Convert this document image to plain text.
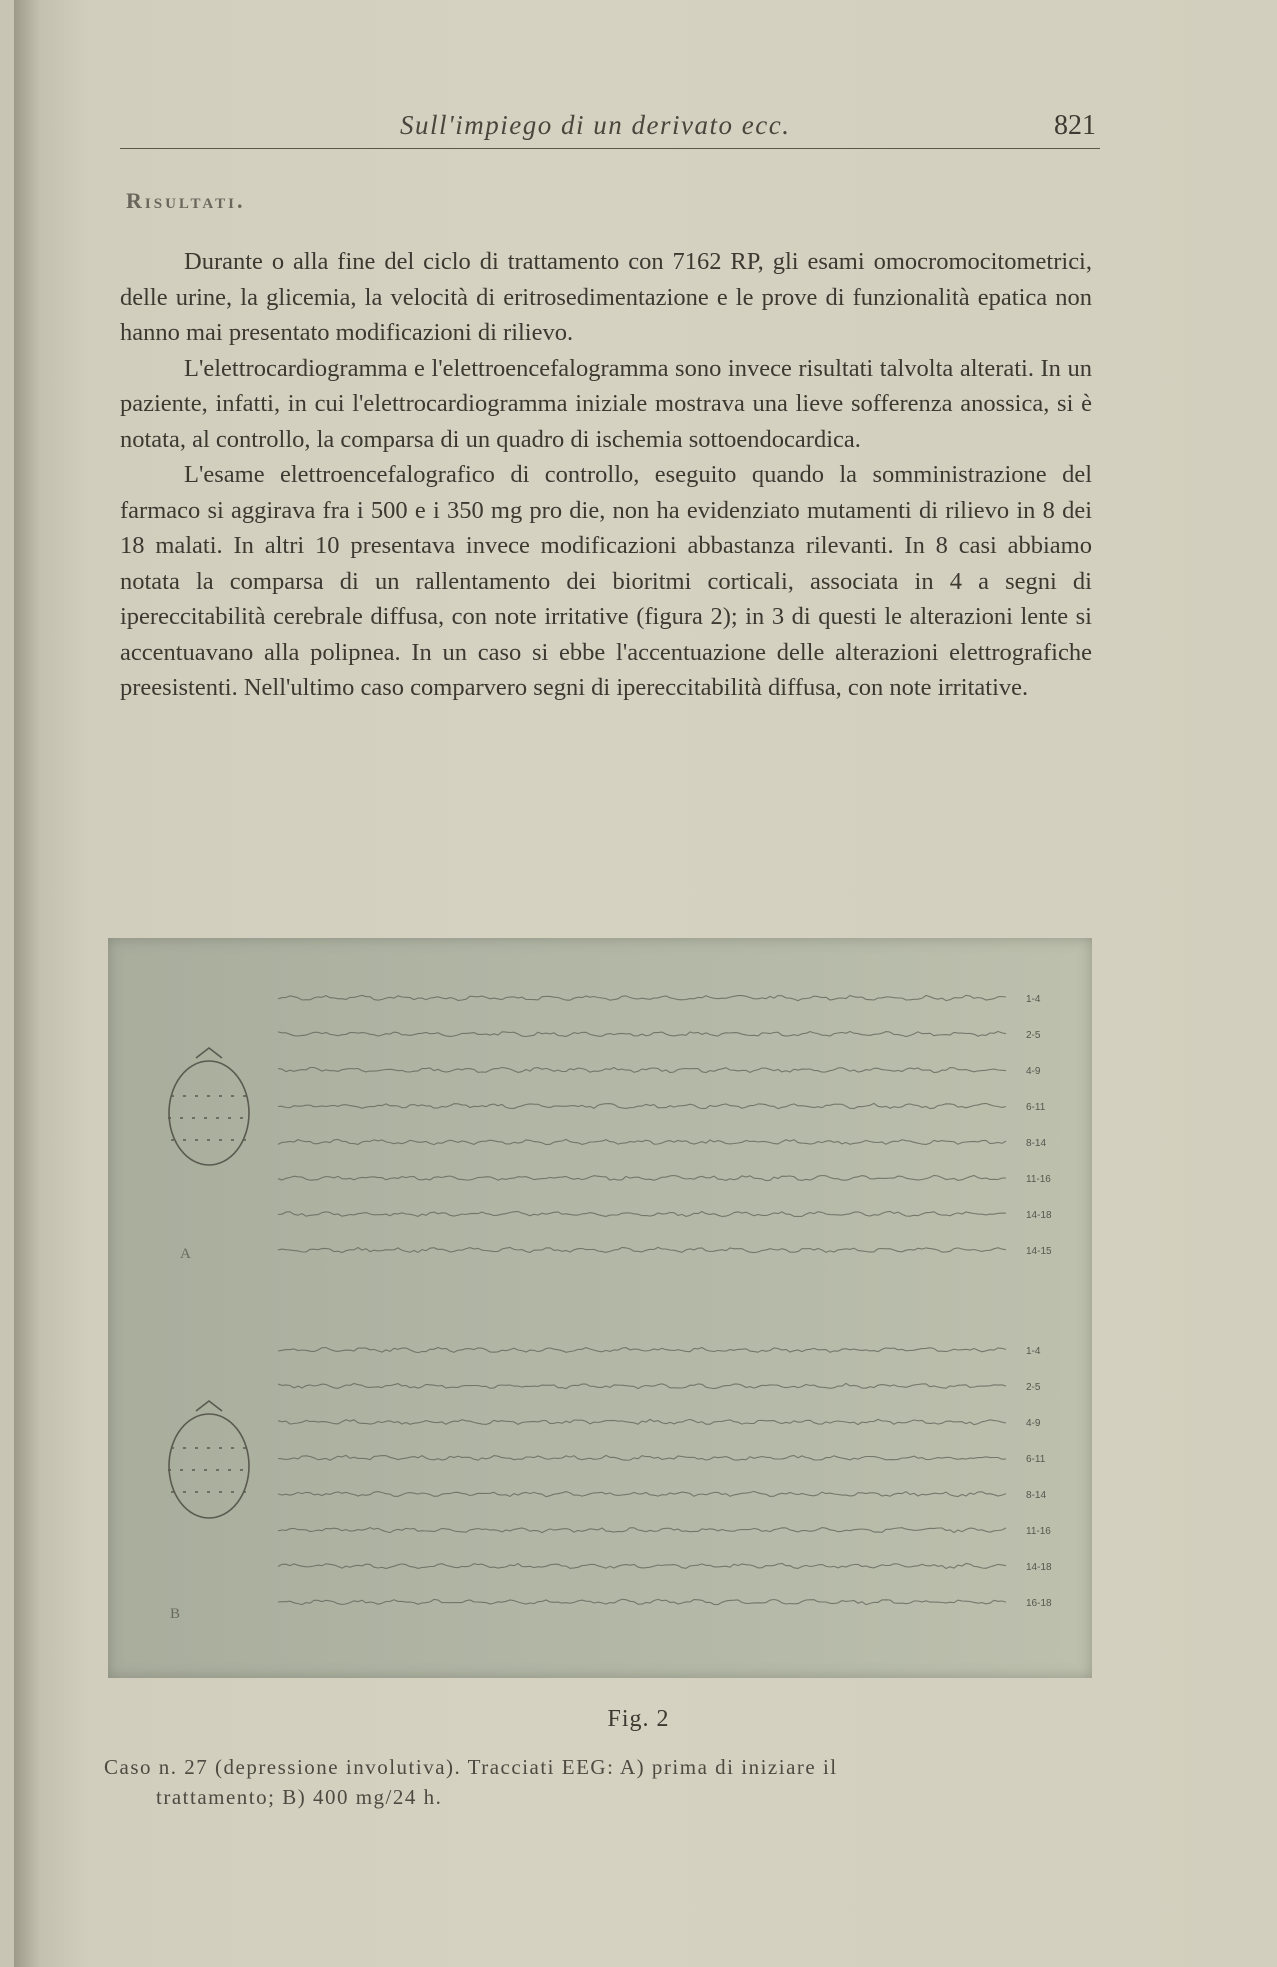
Sull'impiego di un derivato ecc.	821
Risultati.

Durante o alla fine del ciclo di trattamento con 7162 RP, gli esami omocromocitometrici, delle urine, la glicemia, la velocità di eritrosedimentazione e le prove di funzionalità epatica non hanno mai presentato modificazioni di rilievo.

L'elettrocardiogramma e l'elettroencefalogramma sono invece risultati talvolta alterati. In un paziente, infatti, in cui l'elettrocardiogramma iniziale mostrava una lieve sofferenza anossica, si è notata, al controllo, la comparsa di un quadro di ischemia sottoendocardica.

L'esame elettroencefalografico di controllo, eseguito quando la somministrazione del farmaco si aggirava fra i 500 e i 350 mg pro die, non ha evidenziato mutamenti di rilievo in 8 dei 18 malati. In altri 10 presentava invece modificazioni abbastanza rilevanti. In 8 casi abbiamo notata la comparsa di un rallentamento dei bioritmi corticali, associata in 4 a segni di ipereccitabilità cerebrale diffusa, con note irritative (figura 2); in 3 di questi le alterazioni lente si accentuavano alla polipnea. In un caso si ebbe l'accentuazione delle alterazioni elettrografiche preesistenti. Nell'ultimo caso comparvero segni di ipereccitabilità diffusa, con note irritative.

A
B
1-4
2-5
4-9
6-11
8-14
11-16
14-18
14-15
1-4
2-5
4-9
6-11
8-14
11-16
14-18
16-18
Fig. 2
Caso n. 27 (depressione involutiva). Tracciati EEG: A) prima di iniziare il
trattamento; B) 400 mg/24 h.
